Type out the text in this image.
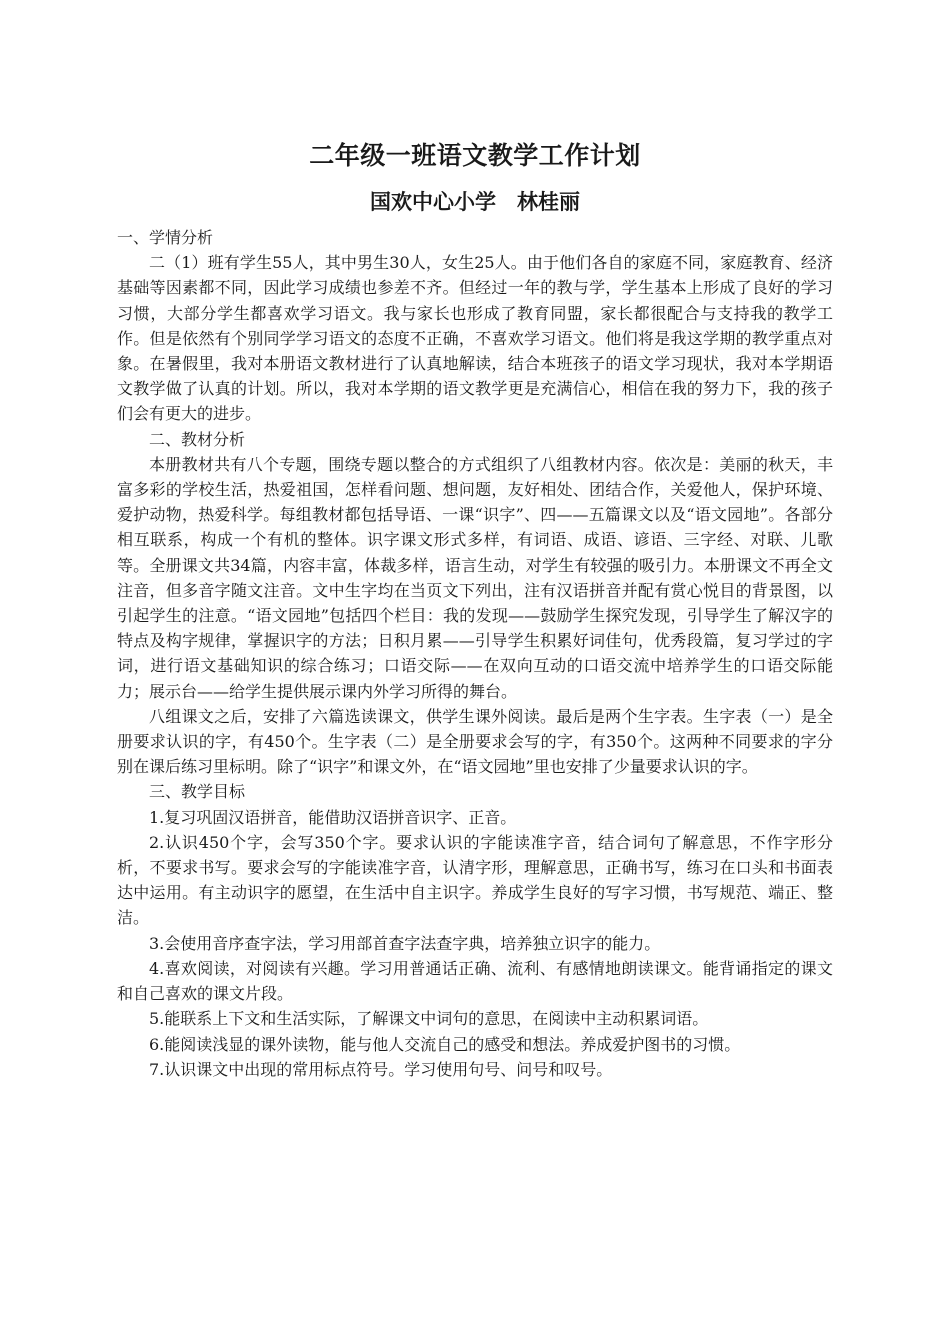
二年级一班语文教学工作计划
国欢中心小学　林桂丽

一、学情分析

二（1）班有学生55人，其中男生30人，女生25人。由于他们各自的家庭不同，家庭教育、经济基础等因素都不同，因此学习成绩也参差不齐。但经过一年的教与学，学生基本上形成了良好的学习习惯，大部分学生都喜欢学习语文。我与家长也形成了教育同盟，家长都很配合与支持我的教学工作。但是依然有个别同学学习语文的态度不正确，不喜欢学习语文。他们将是我这学期的教学重点对象。在暑假里，我对本册语文教材进行了认真地解读，结合本班孩子的语文学习现状，我对本学期语文教学做了认真的计划。所以，我对本学期的语文教学更是充满信心，相信在我的努力下，我的孩子们会有更大的进步。

二、教材分析

本册教材共有八个专题，围绕专题以整合的方式组织了八组教材内容。依次是：美丽的秋天，丰富多彩的学校生活，热爱祖国，怎样看问题、想问题，友好相处、团结合作，关爱他人，保护环境、爱护动物，热爱科学。每组教材都包括导语、一课“识字”、四——五篇课文以及“语文园地”。各部分相互联系，构成一个有机的整体。识字课文形式多样，有词语、成语、谚语、三字经、对联、儿歌等。全册课文共34篇，内容丰富，体裁多样，语言生动，对学生有较强的吸引力。本册课文不再全文注音，但多音字随文注音。文中生字均在当页文下列出，注有汉语拼音并配有赏心悦目的背景图，以引起学生的注意。“语文园地”包括四个栏目：我的发现——鼓励学生探究发现，引导学生了解汉字的特点及构字规律，掌握识字的方法；日积月累——引导学生积累好词佳句，优秀段篇，复习学过的字词，进行语文基础知识的综合练习；口语交际——在双向互动的口语交流中培养学生的口语交际能力；展示台——给学生提供展示课内外学习所得的舞台。

八组课文之后，安排了六篇选读课文，供学生课外阅读。最后是两个生字表。生字表（一）是全册要求认识的字，有450个。生字表（二）是全册要求会写的字，有350个。这两种不同要求的字分别在课后练习里标明。除了“识字”和课文外，在“语文园地”里也安排了少量要求认识的字。

三、教学目标

1.复习巩固汉语拼音，能借助汉语拼音识字、正音。

2.认识450个字，会写350个字。要求认识的字能读准字音，结合词句了解意思，不作字形分析，不要求书写。要求会写的字能读准字音，认清字形，理解意思，正确书写，练习在口头和书面表达中运用。有主动识字的愿望，在生活中自主识字。养成学生良好的写字习惯，书写规范、端正、整洁。

3.会使用音序查字法，学习用部首查字法查字典，培养独立识字的能力。

4.喜欢阅读，对阅读有兴趣。学习用普通话正确、流利、有感情地朗读课文。能背诵指定的课文和自己喜欢的课文片段。

5.能联系上下文和生活实际，了解课文中词句的意思，在阅读中主动积累词语。

6.能阅读浅显的课外读物，能与他人交流自己的感受和想法。养成爱护图书的习惯。

7.认识课文中出现的常用标点符号。学习使用句号、问号和叹号。
